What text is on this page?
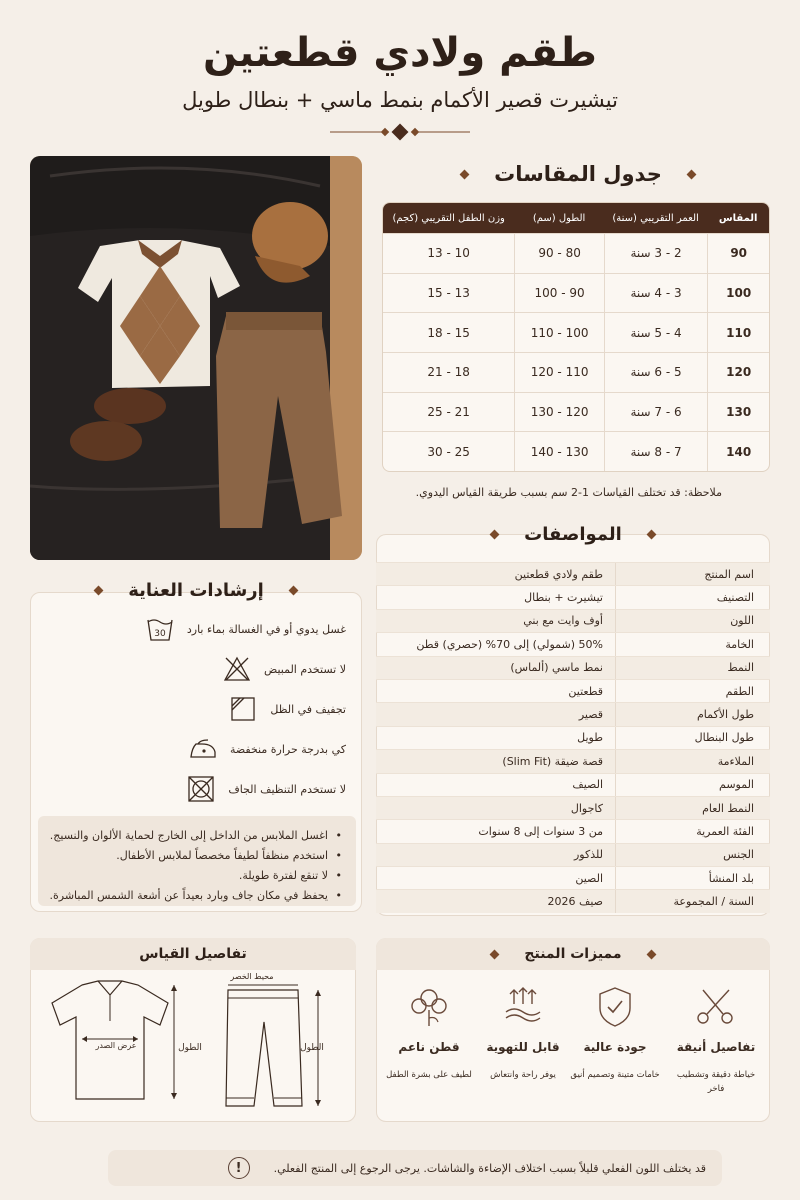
طقم ولادي قطعتين
تيشيرت قصير الأكمام بنمط ماسي + بنطال طويل
جدول المقاسات
المقاس
العمر التقريبي (سنة)
الطول (سم)
وزن الطفل التقريبي (كجم)
90
2 - 3 سنة
80 - 90
10 - 13
100
3 - 4 سنة
90 - 100
13 - 15
110
4 - 5 سنة
100 - 110
15 - 18
120
5 - 6 سنة
110 - 120
18 - 21
130
6 - 7 سنة
120 - 130
21 - 25
140
7 - 8 سنة
130 - 140
25 - 30
ملاحظة: قد تختلف القياسات 1-2 سم بسبب طريقة القياس اليدوي.
المواصفات
اسم المنتج
طقم ولادي قطعتين
التصنيف
تيشيرت + بنطال
اللون
أوف وايت مع بني
الخامة
50% (شمولي) إلى 70% (حصري) قطن
النمط
نمط ماسي (ألماس)
الطقم
قطعتين
طول الأكمام
قصير
طول البنطال
طويل
الملاءمة
قصة ضيقة (Slim Fit)
الموسم
الصيف
النمط العام
كاجوال
الفئة العمرية
من 3 سنوات إلى 8 سنوات
الجنس
للذكور
بلد المنشأ
الصين
السنة / المجموعة
صيف 2026
إرشادات العناية
30 غسل يدوي أو في الغسالة بماء بارد
لا تستخدم المبيض
تجفيف في الظل
كي بدرجة حرارة منخفضة
لا تستخدم التنظيف الجاف
• اغسل الملابس من الداخل إلى الخارج لحماية الألوان والنسيج.
• استخدم منظفاً لطيفاً مخصصاً لملابس الأطفال.
• لا تنقع لفترة طويلة.
• يحفظ في مكان جاف وبارد بعيداً عن أشعة الشمس المباشرة.
تفاصيل القياس
عرض الصدر	الطول
محيط الخصر
الطول
مميزات المنتج
تفاصيل أنيقة
خياطة دقيقة وتشطيب فاخر
جودة عالية
خامات متينة وتصميم أنيق
قابل للتهوية
يوفر راحة وانتعاش
قطن ناعم
لطيف على بشرة الطفل
قد يختلف اللون الفعلي قليلاً بسبب اختلاف الإضاءة والشاشات. يرجى الرجوع إلى المنتج الفعلي.
!
